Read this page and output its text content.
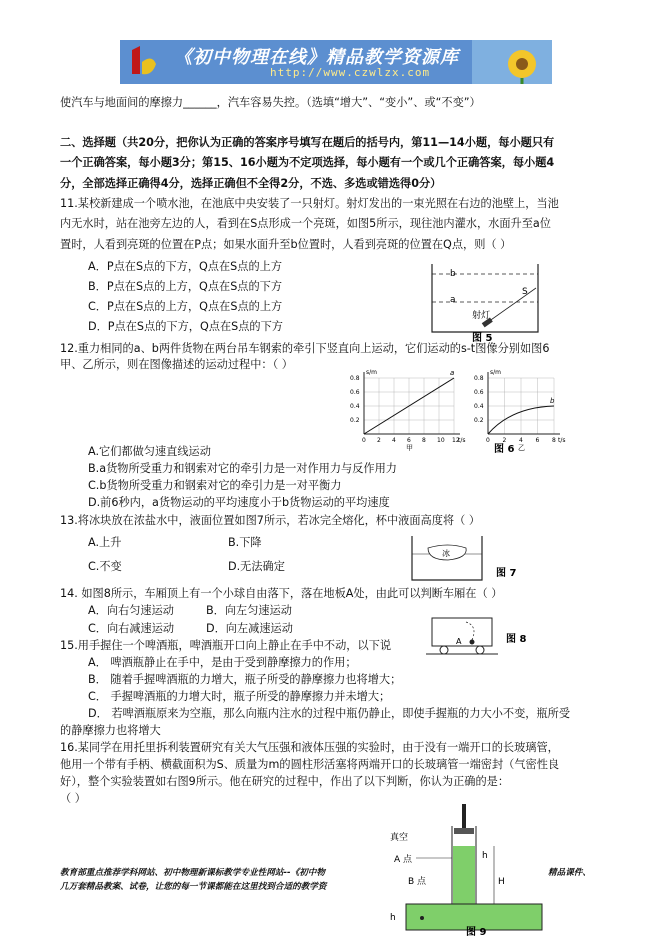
《初中物理在线》精品教学资源库
http://www.czwlzx.com
使汽车与地面间的摩擦力______，汽车容易失控。（选填“增大”、“变小”、或“不变”）
二、选择题（共20分，把你认为正确的答案序号填写在题后的括号内，第11—14小题，每小题只有
一个正确答案，每小题3分；第15、16小题为不定项选择，每小题有一个或几个正确答案，每小题4
分，全部选择正确得4分，选择正确但不全得2分，不选、多选或错选得0分）
11.某校新建成一个喷水池，在池底中央安装了一只射灯。射灯发出的一束光照在右边的池壁上，当池
内无水时，站在池旁左边的人，看到在S点形成一个亮斑，如图5所示，现往池内灌水，水面升至a位
置时，人看到亮斑的位置在P点；如果水面升至b位置时，人看到亮斑的位置在Q点，则（ ）
A．P点在S点的下方，Q点在S点的上方
B．P点在S点的上方，Q点在S点的下方
C．P点在S点的上方，Q点在S点的上方
D．P点在S点的下方，Q点在S点的下方
12.重力相同的a、b两件货物在两台吊车钢索的牵引下竖直向上运动，它们运动的s-t图像分别如图6
甲、乙所示，则在图像描述的运动过程中：（ ）
A.它们都做匀速直线运动
B.a货物所受重力和钢索对它的牵引力是一对作用力与反作用力
C.b货物所受重力和钢索对它的牵引力是一对平衡力
D.前6秒内，a货物运动的平均速度小于b货物运动的平均速度
13.将冰块放在浓盐水中，液面位置如图7所示，若冰完全熔化，杯中液面高度将（ ）
A.上升	B.下降
C.不变	D.无法确定
14. 如图8所示，车厢顶上有一个小球自由落下，落在地板A处，由此可以判断车厢在（ ）
A．向右匀速运动	B．向左匀速运动
C．向右减速运动	D．向左减速运动
15.用手握住一个啤酒瓶，啤酒瓶开口向上静止在手中不动，以下说
A． 啤酒瓶静止在手中，是由于受到静摩擦力的作用；
B． 随着手握啤酒瓶的力增大，瓶子所受的静摩擦力也将增大；
C． 手握啤酒瓶的力增大时，瓶子所受的静摩擦力并未增大；
D． 若啤酒瓶原来为空瓶，那么向瓶内注水的过程中瓶仍静止，即使手握瓶的力大小不变，瓶所受
的静摩擦力也将增大
16.某同学在用托里拆利装置研究有关大气压强和液体压强的实验时，由于没有一端开口的长玻璃管，
他用一个带有手柄、横截面积为S、质量为m的圆柱形活塞将两端开口的长玻璃管一端密封（气密性良
好），整个实验装置如右图9所示。他在研究的过程中，作出了以下判断，你认为正确的是：
（ ）
b
a
S
射灯
图 5
0 2 4 6 8 10 12
0.8
0.6
0.4
0.2
s/m
t/s
a
甲
0 2 4 6 8
0.8
0.6
0.4
0.2
s/m
t/s
b
乙
图 6
冰
图 7
A	图 8
真空
A 点
B 点
h
H
h
图 9
教育部重点推荐学科网站、初中物理新课标教学专业性网站--《初中物	精品课件、
几万套精品教案、试卷，让您的每一节课都能在这里找到合适的教学资
